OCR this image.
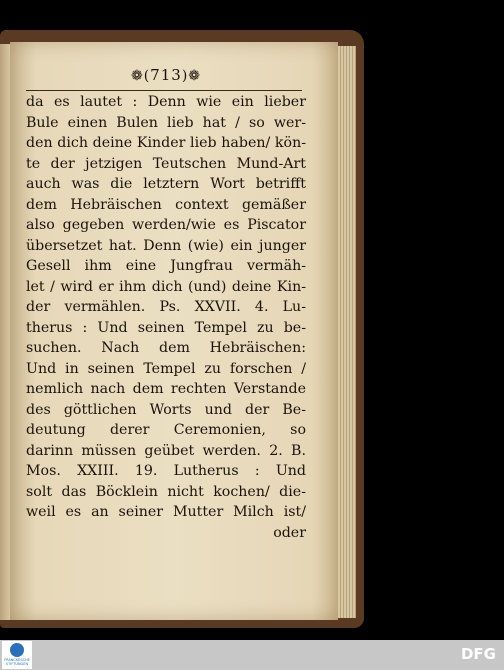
❁(713)❁
da es lautet : Denn wie ein lieber
Bule einen Bulen lieb hat / so wer-
den dich deine Kinder lieb haben/ kön-
te der jetzigen Teutschen Mund-Art
auch was die letztern Wort betrifft
dem Hebräischen context gemäßer
also gegeben werden/wie es Piscator
übersetzet hat. Denn (wie) ein junger
Gesell ihm eine Jungfrau vermäh-
let / wird er ihm dich (und) deine Kin-
der vermählen. Ps. XXVII. 4. Lu-
therus : Und seinen Tempel zu be-
suchen. Nach dem Hebräischen:
Und in seinen Tempel zu forschen /
nemlich nach dem rechten Verstande
des göttlichen Worts und der Be-
deutung derer Ceremonien, so
darinn müssen geübet werden. 2. B.
Mos. XXIII. 19. Lutherus : Und
solt das Böcklein nicht kochen/ die-
weil es an seiner Mutter Milch ist/
oder
FRANCKESCHE STIFTUNGEN
DFG
